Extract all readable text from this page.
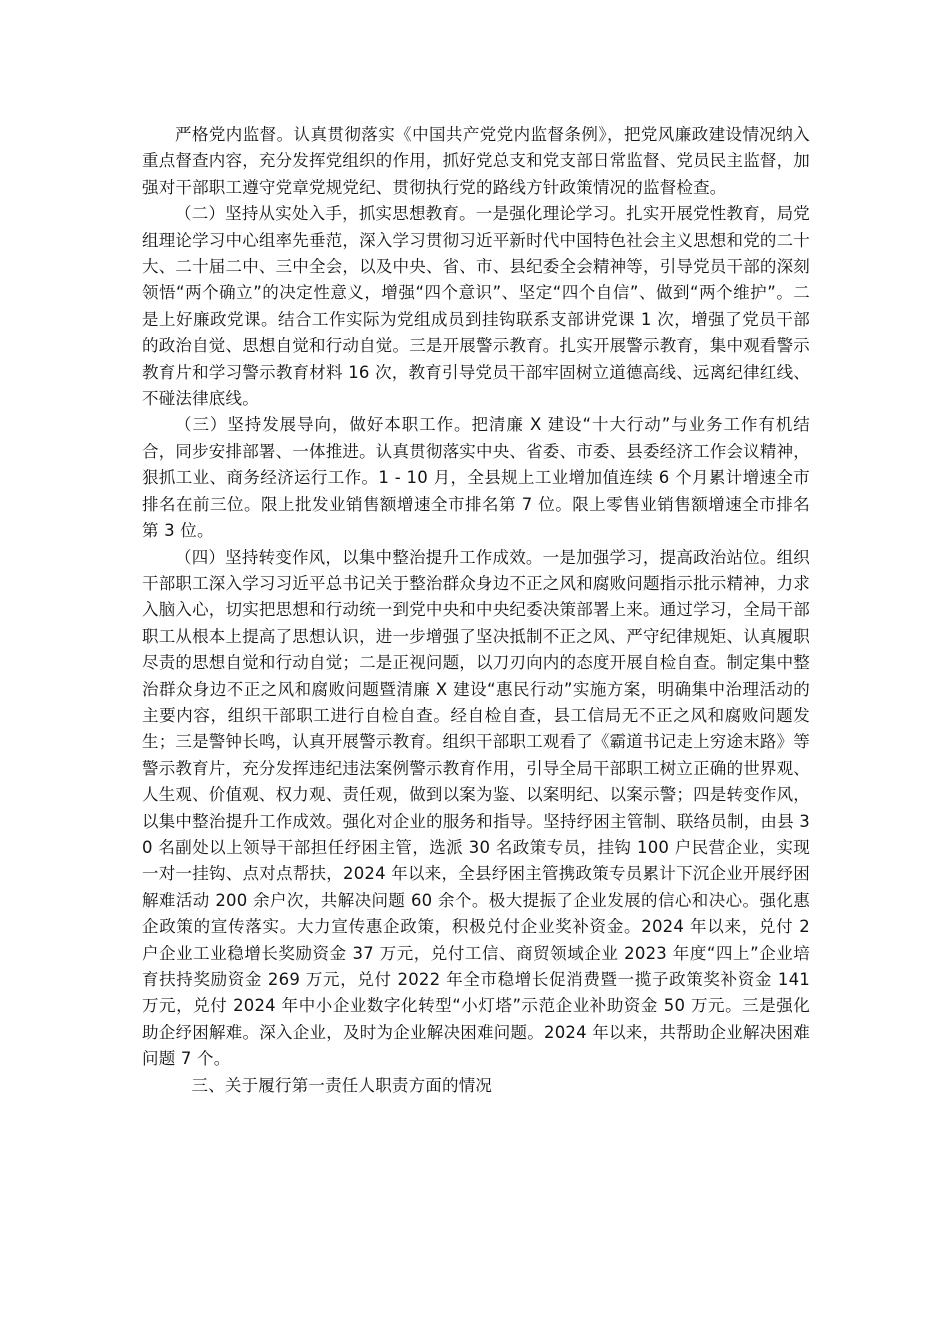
严格党内监督。认真贯彻落实《中国共产党党内监督条例》，把党风廉政建设情况纳入重点督查内容，充分发挥党组织的作用，抓好党总支和党支部日常监督、党员民主监督，加强对干部职工遵守党章党规党纪、贯彻执行党的路线方针政策情况的监督检查。

（二）坚持从实处入手，抓实思想教育。一是强化理论学习。扎实开展党性教育，局党组理论学习中心组率先垂范，深入学习贯彻习近平新时代中国特色社会主义思想和党的二十大、二十届二中、三中全会，以及中央、省、市、县纪委全会精神等，引导党员干部的深刻领悟“两个确立”的决定性意义，增强“四个意识”、坚定“四个自信”、做到“两个维护”。二是上好廉政党课。结合工作实际为党组成员到挂钩联系支部讲党课 1 次，增强了党员干部的政治自觉、思想自觉和行动自觉。三是开展警示教育。扎实开展警示教育，集中观看警示教育片和学习警示教育材料 16 次，教育引导党员干部牢固树立道德高线、远离纪律红线、不碰法律底线。

（三）坚持发展导向，做好本职工作。把清廉 X 建设“十大行动”与业务工作有机结合，同步安排部署、一体推进。认真贯彻落实中央、省委、市委、县委经济工作会议精神，狠抓工业、商务经济运行工作。1 - 10 月，全县规上工业增加值连续 6 个月累计增速全市排名在前三位。限上批发业销售额增速全市排名第 7 位。限上零售业销售额增速全市排名第 3 位。

（四）坚持转变作风，以集中整治提升工作成效。一是加强学习，提高政治站位。组织干部职工深入学习习近平总书记关于整治群众身边不正之风和腐败问题指示批示精神，力求入脑入心，切实把思想和行动统一到党中央和中央纪委决策部署上来。通过学习，全局干部职工从根本上提高了思想认识，进一步增强了坚决抵制不正之风、严守纪律规矩、认真履职尽责的思想自觉和行动自觉；二是正视问题，以刀刃向内的态度开展自检自查。制定集中整治群众身边不正之风和腐败问题暨清廉 X 建设“惠民行动”实施方案，明确集中治理活动的主要内容，组织干部职工进行自检自查。经自检自查，县工信局无不正之风和腐败问题发生；三是警钟长鸣，认真开展警示教育。组织干部职工观看了《霸道书记走上穷途末路》等警示教育片，充分发挥违纪违法案例警示教育作用，引导全局干部职工树立正确的世界观、人生观、价值观、权力观、责任观，做到以案为鉴、以案明纪、以案示警；四是转变作风，以集中整治提升工作成效。强化对企业的服务和指导。坚持纾困主管制、联络员制，由县 30 名副处以上领导干部担任纾困主管，选派 30 名政策专员，挂钩 100 户民营企业，实现一对一挂钩、点对点帮扶，2024 年以来，全县纾困主管携政策专员累计下沉企业开展纾困解难活动 200 余户次，共解决问题 60 余个。极大提振了企业发展的信心和决心。强化惠企政策的宣传落实。大力宣传惠企政策，积极兑付企业奖补资金。2024 年以来，兑付 2 户企业工业稳增长奖励资金 37 万元，兑付工信、商贸领域企业 2023 年度“四上”企业培育扶持奖励资金 269 万元，兑付 2022 年全市稳增长促消费暨一揽子政策奖补资金 141 万元，兑付 2024 年中小企业数字化转型“小灯塔”示范企业补助资金 50 万元。三是强化助企纾困解难。深入企业，及时为企业解决困难问题。2024 年以来，共帮助企业解决困难问题 7 个。

三、关于履行第一责任人职责方面的情况
